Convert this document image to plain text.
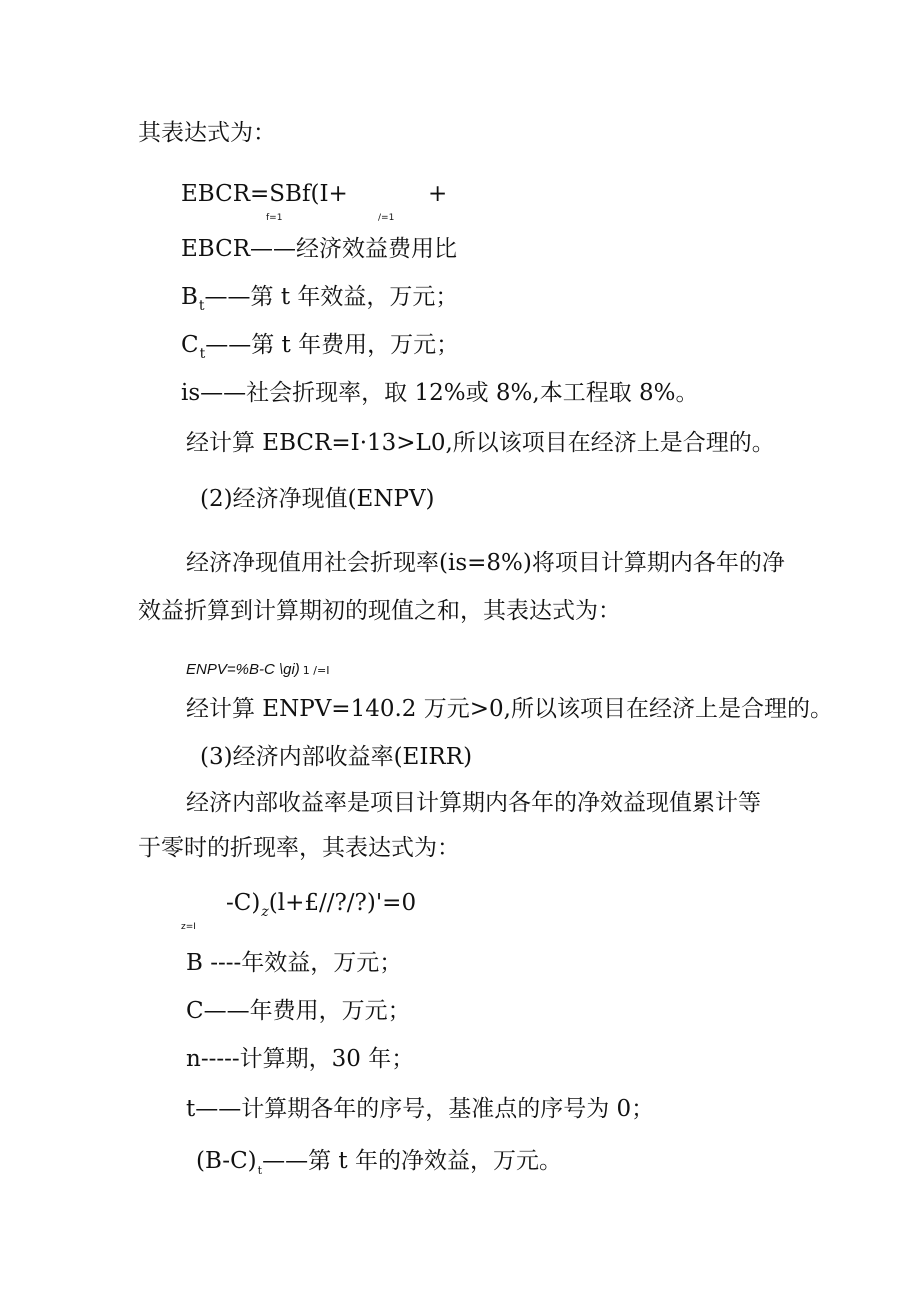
其表达式为：
EBCR=SBf(I+
f=1	/=1
+
EBCR——经济效益费用比
$B_t——$第 t 年效益，万元；
$C_t——$第 t 年费用，万元；
is——社会折现率，取 12%或 8%,本工程取 8%。
经计算 EBCR=I·13>L0,所以该项目在经济上是合理的。
(2)经济净现值(ENPV)
经济净现值用社会折现率(is=8%)将项目计算期内各年的净
效益折算到计算期初的现值之和，其表达式为：
ENPV=%B-C \gi) 1 /=I
经计算 ENPV=140.2 万元>0,所以该项目在经济上是合理的。
(3)经济内部收益率(EIRR)
经济内部收益率是项目计算期内各年的净效益现值累计等
于零时的折现率，其表达式为：
z=I
$-C)_z(l+£//?/?)'=0$
B ----年效益，万元；
C——年费用，万元；
n-----计算期，30 年；
t——计算期各年的序号，基准点的序号为 0；
$(B-C)_t——$第 t 年的净效益，万元。
